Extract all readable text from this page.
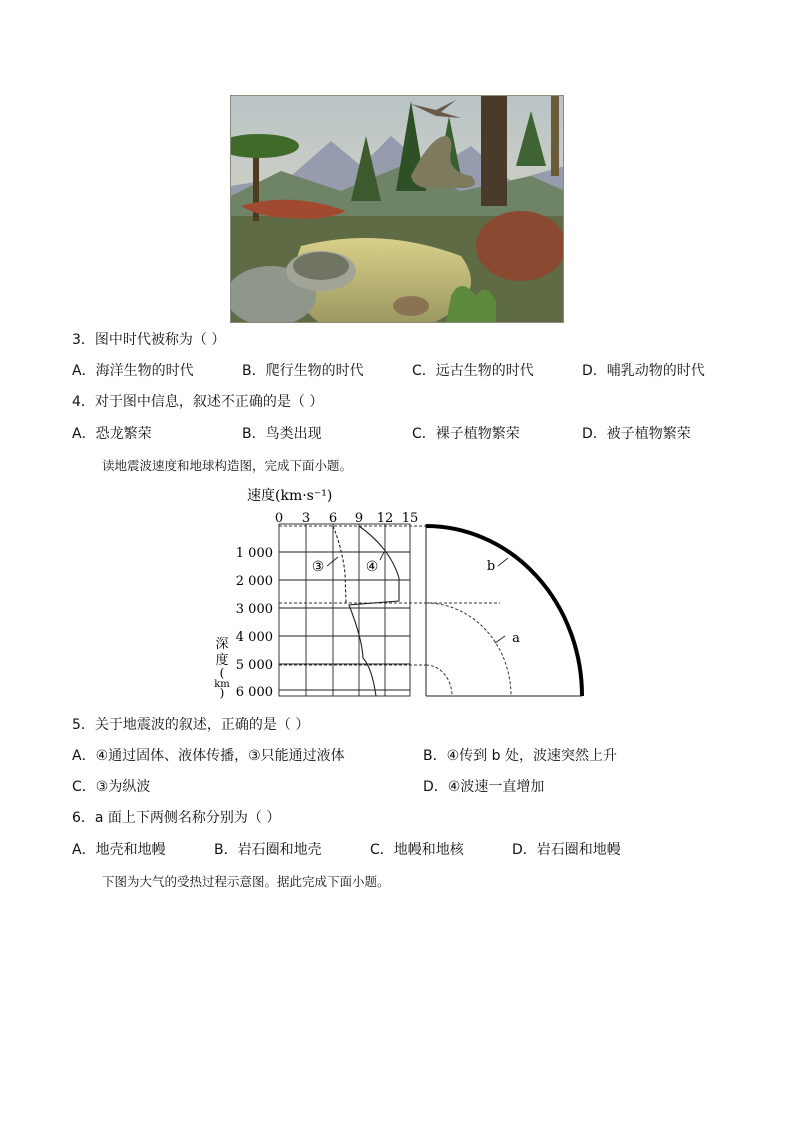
3．图中时代被称为（ ）
A．海洋生物的时代	B．爬行生物的时代	C．远古生物的时代	D．哺乳动物的时代
4．对于图中信息，叙述不正确的是（ ）
A．恐龙繁荣	B．鸟类出现	C．裸子植物繁荣	D．被子植物繁荣
读地震波速度和地球构造图，完成下面小题。
速度(km·s⁻¹)
0 3 6 9 12 15
1 000
2 000
3 000
4 000
5 000
6 000
深
度
(
km
)
③	④	b
a
5．关于地震波的叙述，正确的是（ ）
A．④通过固体、液体传播，③只能通过液体	B．④传到 b 处，波速突然上升
C．③为纵波	D．④波速一直增加
6．a 面上下两侧名称分别为（ ）
A．地壳和地幔	B．岩石圈和地壳	C．地幔和地核	D．岩石圈和地幔
下图为大气的受热过程示意图。据此完成下面小题。
